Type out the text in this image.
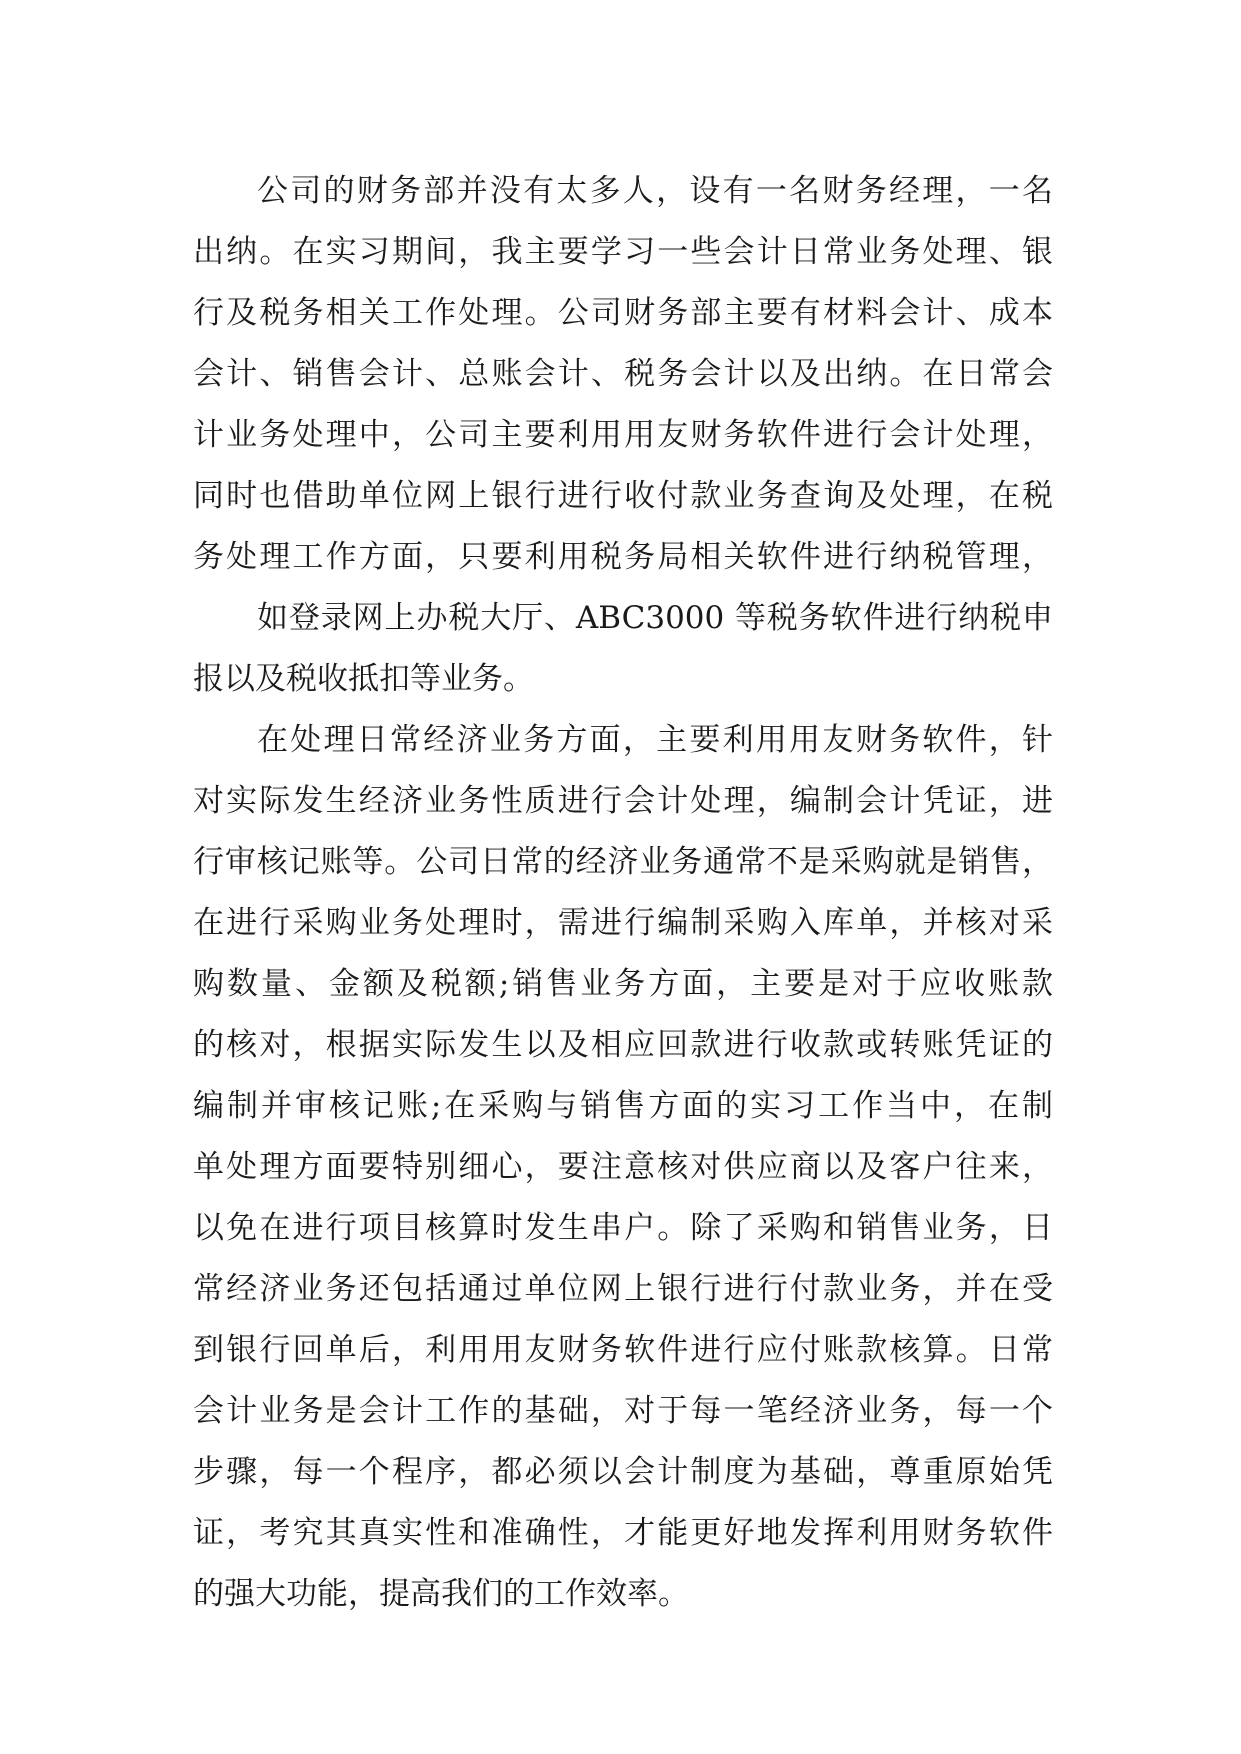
公司的财务部并没有太多人，设有一名财务经理，一名
出纳。在实习期间，我主要学习一些会计日常业务处理、银
行及税务相关工作处理。公司财务部主要有材料会计、成本
会计、销售会计、总账会计、税务会计以及出纳。在日常会
计业务处理中，公司主要利用用友财务软件进行会计处理，
同时也借助单位网上银行进行收付款业务查询及处理，在税
务处理工作方面，只要利用税务局相关软件进行纳税管理，
如登录网上办税大厅、ABC3000 等税务软件进行纳税申
报以及税收抵扣等业务。
在处理日常经济业务方面，主要利用用友财务软件，针
对实际发生经济业务性质进行会计处理，编制会计凭证，进
行审核记账等。公司日常的经济业务通常不是采购就是销售，
在进行采购业务处理时，需进行编制采购入库单，并核对采
购数量、金额及税额;销售业务方面，主要是对于应收账款
的核对，根据实际发生以及相应回款进行收款或转账凭证的
编制并审核记账;在采购与销售方面的实习工作当中，在制
单处理方面要特别细心，要注意核对供应商以及客户往来，
以免在进行项目核算时发生串户。除了采购和销售业务，日
常经济业务还包括通过单位网上银行进行付款业务，并在受
到银行回单后，利用用友财务软件进行应付账款核算。日常
会计业务是会计工作的基础，对于每一笔经济业务，每一个
步骤，每一个程序，都必须以会计制度为基础，尊重原始凭
证，考究其真实性和准确性，才能更好地发挥利用财务软件
的强大功能，提高我们的工作效率。
